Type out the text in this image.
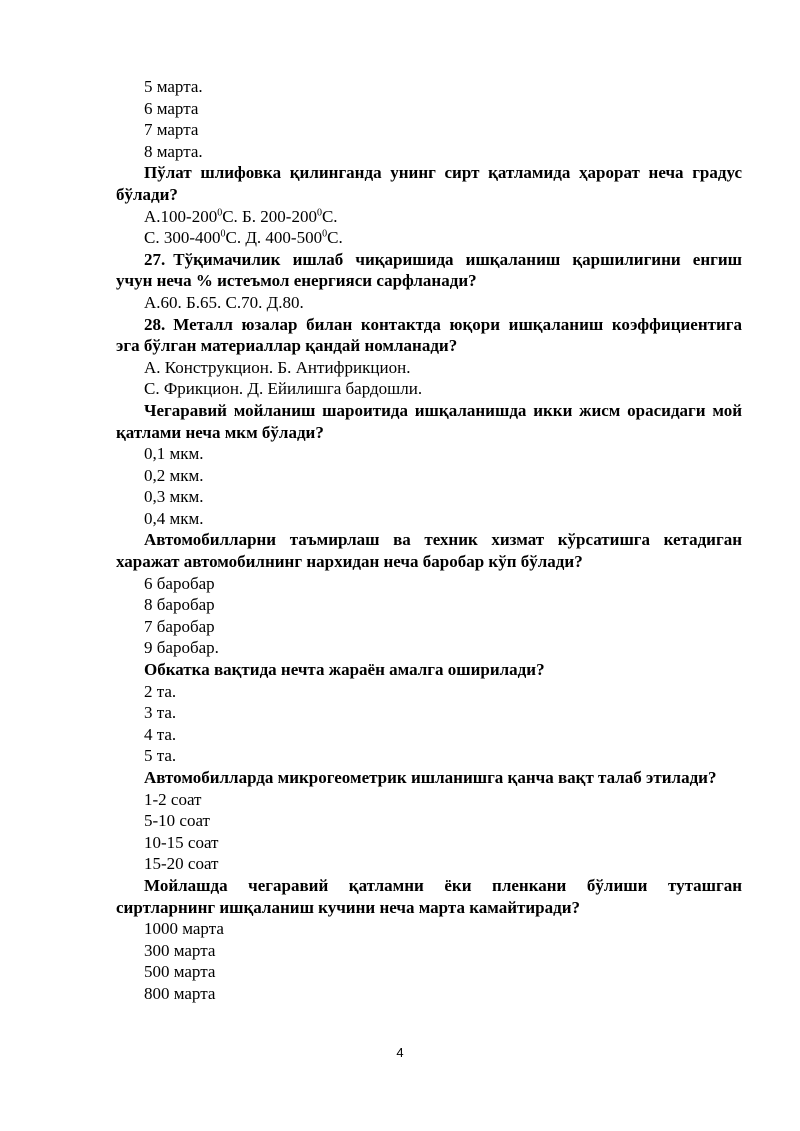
5 марта.

6 марта

7 марта

8 марта.

Пўлат шлифовка қилинганда унинг сирт қатламида ҳарорат неча градус бўлади?

$А.100-200^0С$. Б. $200-200^0С$.

С. $300-400^0С$. Д. $400-500^0С$.

27. Тўқимачилик ишлаб чиқаришида ишқаланиш қаршилигини енгиш учун неча % истеъмол енергияси сарфланади?

А.60. Б.65. С.70. Д.80.

28. Металл юзалар билан контактда юқори ишқаланиш коэффициентига эга бўлган материаллар қандай номланади?

А. Конструкцион. Б. Антифрикцион.

С. Фрикцион. Д. Ейилишга бардошли.

Чегаравий мойланиш шароитида ишқаланишда икки жисм орасидаги мой қатлами неча мкм бўлади?

0,1 мкм.

0,2 мкм.

0,3 мкм.

0,4 мкм.

Автомобилларни таъмирлаш ва техник хизмат кўрсатишга кетадиган харажат автомобилнинг нархидан неча баробар кўп бўлади?

6 баробар

8 баробар

7 баробар

9 баробар.

Обкатка вақтида нечта жараён амалга оширилади?

2 та.

3 та.

4 та.

5 та.

Автомобилларда микрогеометрик ишланишга қанча вақт талаб этилади?

1-2 соат

5-10 соат

10-15 соат

15-20 соат

Мойлашда чегаравий қатламни ёки пленкани бўлиши туташган сиртларнинг ишқаланиш кучини неча марта камайтиради?

1000 марта

300 марта

500 марта

800 марта

4
